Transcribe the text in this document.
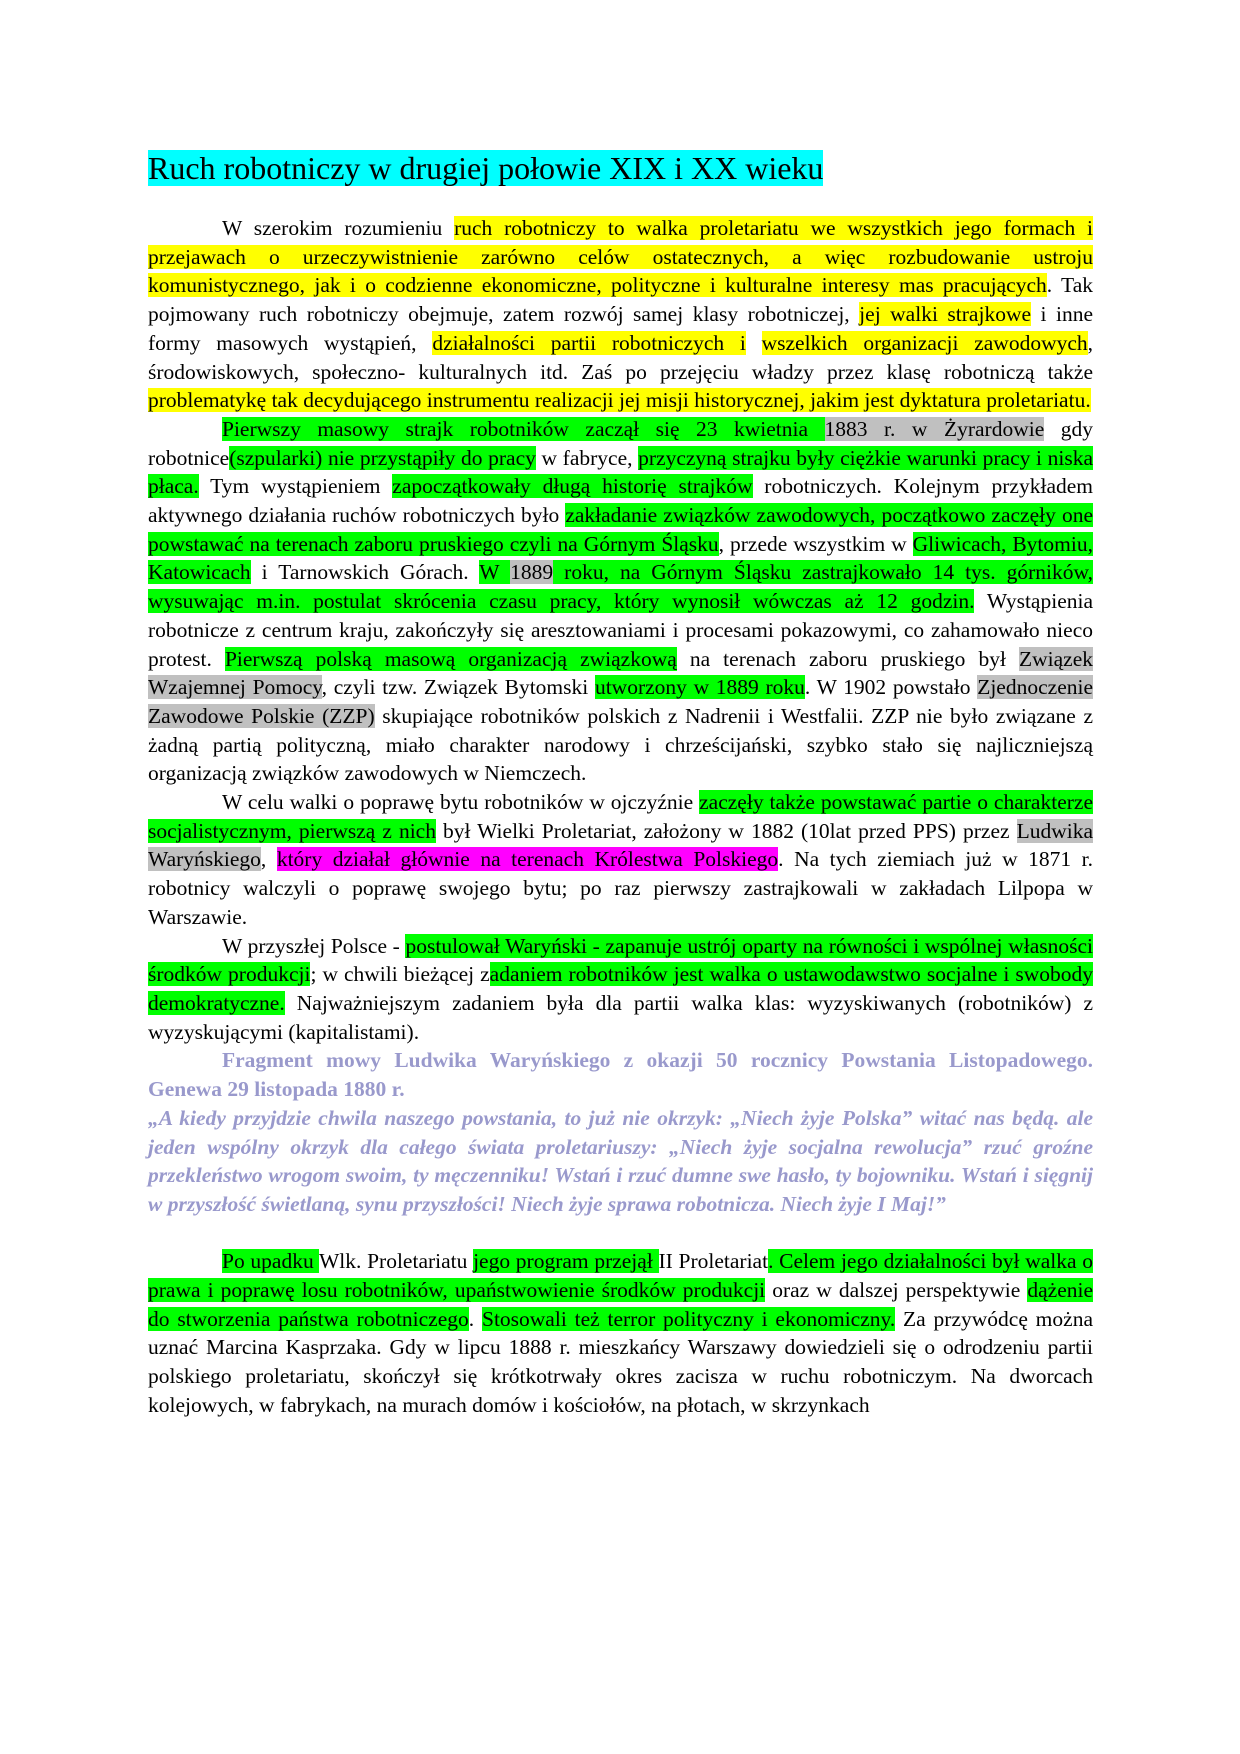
Ruch robotniczy w drugiej połowie XIX i XX wieku

W szerokim rozumieniu ruch robotniczy to walka proletariatu we wszystkich jego formach i przejawach o urzeczywistnienie zarówno celów ostatecznych, a więc rozbudowanie ustroju komunistycznego, jak i o codzienne ekonomiczne, polityczne i kulturalne interesy mas pracujących. Tak pojmowany ruch robotniczy obejmuje, zatem rozwój samej klasy robotniczej, jej walki strajkowe i inne formy masowych wystąpień, działalności partii robotniczych i wszelkich organizacji zawodowych, środowiskowych, społeczno- kulturalnych itd. Zaś po przejęciu władzy przez klasę robotniczą także problematykę tak decydującego instrumentu realizacji jej misji historycznej, jakim jest dyktatura proletariatu.

Pierwszy masowy strajk robotników zaczął się 23 kwietnia 1883 r. w Żyrardowie gdy robotnice(szpularki) nie przystąpiły do pracy w fabryce, przyczyną strajku były ciężkie warunki pracy i niska płaca. Tym wystąpieniem zapoczątkowały długą historię strajków robotniczych. Kolejnym przykładem aktywnego działania ruchów robotniczych było zakładanie związków zawodowych, początkowo zaczęły one powstawać na terenach zaboru pruskiego czyli na Górnym Śląsku, przede wszystkim w Gliwicach, Bytomiu, Katowicach i Tarnowskich Górach. W 1889 roku, na Górnym Śląsku zastrajkowało 14 tys. górników, wysuwając m.in. postulat skrócenia czasu pracy, który wynosił wówczas aż 12 godzin. Wystąpienia robotnicze z centrum kraju, zakończyły się aresztowaniami i procesami pokazowymi, co zahamowało nieco protest. Pierwszą polską masową organizacją związkową na terenach zaboru pruskiego był Związek Wzajemnej Pomocy, czyli tzw. Związek Bytomski utworzony w 1889 roku. W 1902 powstało Zjednoczenie Zawodowe Polskie (ZZP) skupiające robotników polskich z Nadrenii i Westfalii. ZZP nie było związane z żadną partią polityczną, miało charakter narodowy i chrześcijański, szybko stało się najliczniejszą organizacją związków zawodowych w Niemczech.

W celu walki o poprawę bytu robotników w ojczyźnie zaczęły także powstawać partie o charakterze socjalistycznym, pierwszą z nich był Wielki Proletariat, założony w 1882 (10lat przed PPS) przez Ludwika Waryńskiego, który działał głównie na terenach Królestwa Polskiego. Na tych ziemiach już w 1871 r. robotnicy walczyli o poprawę swojego bytu; po raz pierwszy zastrajkowali w zakładach Lilpopa w Warszawie.

W przyszłej Polsce - postulował Waryński - zapanuje ustrój oparty na równości i wspólnej własności środków produkcji; w chwili bieżącej zadaniem robotników jest walka o ustawodawstwo socjalne i swobody demokratyczne. Najważniejszym zadaniem była dla partii walka klas: wyzyskiwanych (robotników) z wyzyskującymi (kapitalistami).

Fragment mowy Ludwika Waryńskiego z okazji 50 rocznicy Powstania Listopadowego. Genewa 29 listopada 1880 r.

„A kiedy przyjdzie chwila naszego powstania, to już nie okrzyk: „Niech żyje Polska” witać nas będą. ale jeden wspólny okrzyk dla całego świata proletariuszy: „Niech żyje socjalna rewolucja” rzuć groźne przekleństwo wrogom swoim, ty męczenniku! Wstań i rzuć dumne swe hasło, ty bojowniku. Wstań i sięgnij w przyszłość świetlaną, synu przyszłości! Niech żyje sprawa robotnicza. Niech żyje I Maj!”

Po upadku Wlk. Proletariatu jego program przejął II Proletariat. Celem jego działalności był walka o prawa i poprawę losu robotników, upaństwowienie środków produkcji oraz w dalszej perspektywie dążenie do stworzenia państwa robotniczego. Stosowali też terror polityczny i ekonomiczny. Za przywódcę można uznać Marcina Kasprzaka. Gdy w lipcu 1888 r. mieszkańcy Warszawy dowiedzieli się o odrodzeniu partii polskiego proletariatu, skończył się krótkotrwały okres zacisza w ruchu robotniczym. Na dworcach kolejowych, w fabrykach, na murach domów i kościołów, na płotach, w skrzynkach
